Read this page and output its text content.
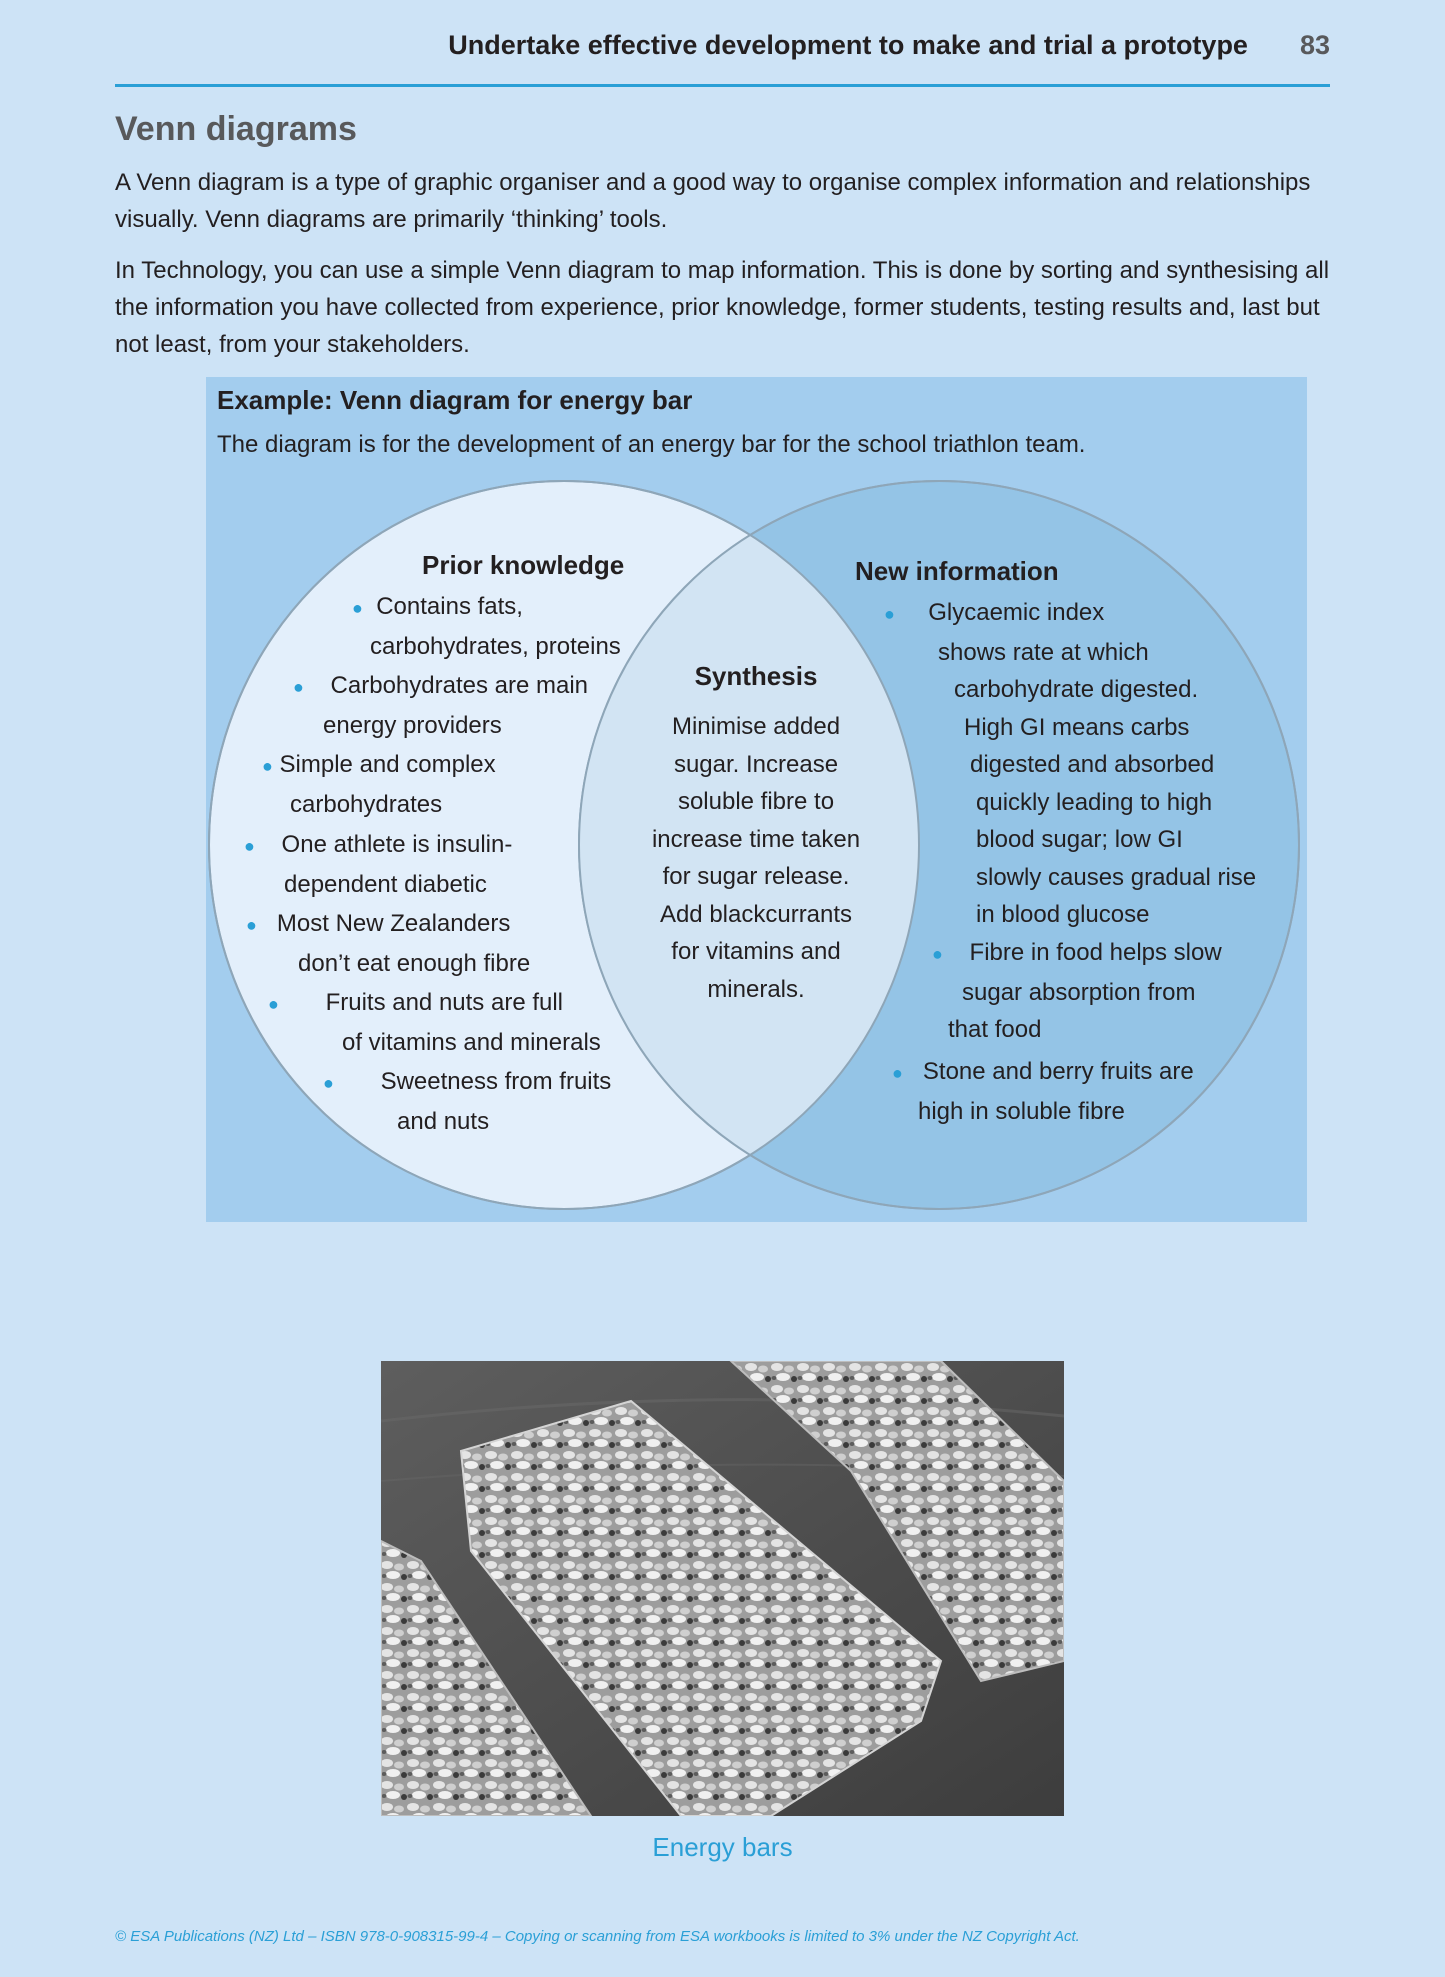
Undertake effective development to make and trial a prototype 83
Venn diagrams

A Venn diagram is a type of graphic organiser and a good way to organise complex information and relationships visually. Venn diagrams are primarily ‘thinking’ tools.

In Technology, you can use a simple Venn diagram to map information. This is done by sorting and synthesising all the information you have collected from experience, prior knowledge, former students, testing results and, last but not least, from your stakeholders.

Example: Venn diagram for energy bar

The diagram is for the development of an energy bar for the school triathlon team.

Prior knowledge
● Contains fats,
carbohydrates, proteins
● Carbohydrates are main
energy providers
● Simple and complex
carbohydrates
● One athlete is insulin-
dependent diabetic
● Most New Zealanders
don’t eat enough fibre
● Fruits and nuts are full
of vitamins and minerals
● Sweetness from fruits
and nuts
Synthesis
Minimise added
sugar. Increase
soluble fibre to
increase time taken
for sugar release.
Add blackcurrants
for vitamins and
minerals.
New information
● Glycaemic index
shows rate at which
carbohydrate digested.
High GI means carbs
digested and absorbed
quickly leading to high
blood sugar; low GI
slowly causes gradual rise
in blood glucose
● Fibre in food helps slow
sugar absorption from
that food
● Stone and berry fruits are
high in soluble fibre
Energy bars
© ESA Publications (NZ) Ltd – ISBN 978-0-908315-99-4 – Copying or scanning from ESA workbooks is limited to 3% under the NZ Copyright Act.
